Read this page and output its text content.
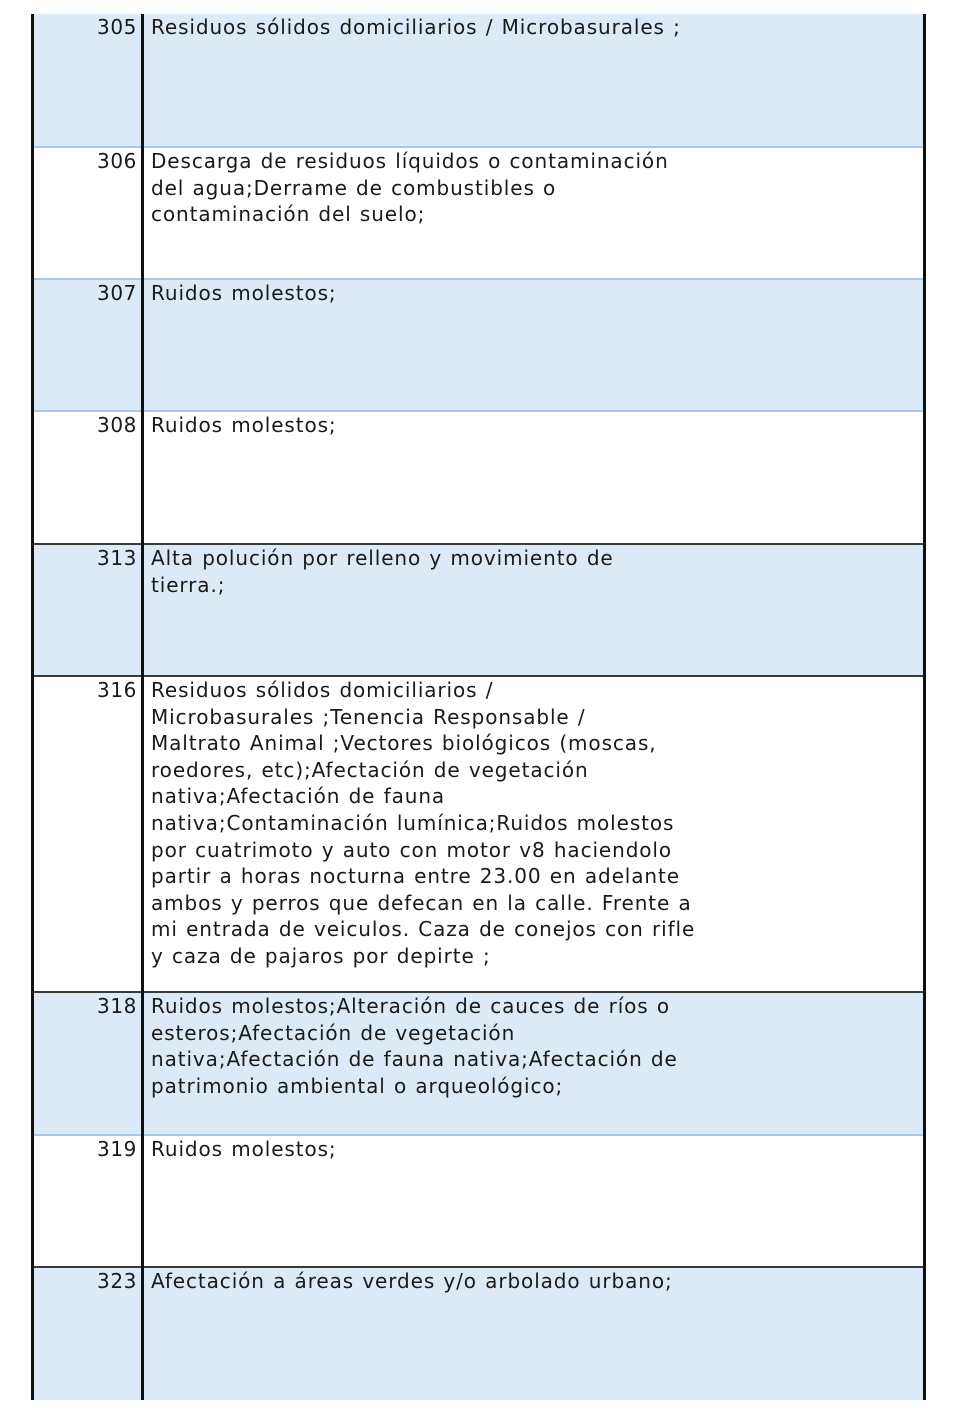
305 Residuos sólidos domiciliarios / Microbasurales ;
306 Descarga de residuos líquidos o contaminación
del agua;Derrame de combustibles o
contaminación del suelo;
307 Ruidos molestos;
308 Ruidos molestos;
313 Alta polución por relleno y movimiento de
tierra.;
316 Residuos sólidos domiciliarios /
Microbasurales ;Tenencia Responsable /
Maltrato Animal ;Vectores biológicos (moscas,
roedores, etc);Afectación de vegetación
nativa;Afectación de fauna
nativa;Contaminación lumínica;Ruidos molestos
por cuatrimoto y auto con motor v8 haciendolo
partir a horas nocturna entre 23.00 en adelante
ambos y perros que defecan en la calle. Frente a
mi entrada de veiculos. Caza de conejos con rifle
y caza de pajaros por depirte ;
318 Ruidos molestos;Alteración de cauces de ríos o
esteros;Afectación de vegetación
nativa;Afectación de fauna nativa;Afectación de
patrimonio ambiental o arqueológico;
319 Ruidos molestos;
323 Afectación a áreas verdes y/o arbolado urbano;
